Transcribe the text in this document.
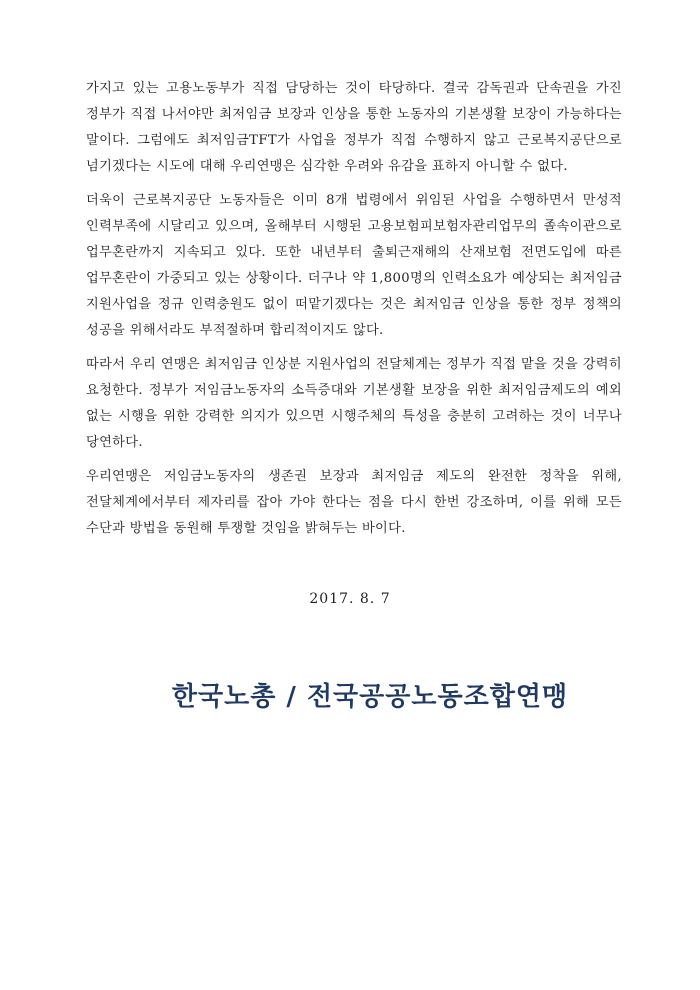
가지고 있는 고용노동부가 직접 담당하는 것이 타당하다. 결국 감독권과 단속권을 가진 정부가 직접 나서야만 최저임금 보장과 인상을 통한 노동자의 기본생활 보장이 가능하다는 말이다. 그럼에도 최저임금TFT가 사업을 정부가 직접 수행하지 않고 근로복지공단으로 넘기겠다는 시도에 대해 우리연맹은 심각한 우려와 유감을 표하지 아니할 수 없다.

더욱이 근로복지공단 노동자들은 이미 8개 법령에서 위임된 사업을 수행하면서 만성적 인력부족에 시달리고 있으며, 올해부터 시행된 고용보험피보험자관리업무의 졸속이관으로 업무혼란까지 지속되고 있다. 또한 내년부터 출퇴근재해의 산재보험 전면도입에 따른 업무혼란이 가중되고 있는 상황이다. 더구나 약 1,800명의 인력소요가 예상되는 최저임금 지원사업을 정규 인력충원도 없이 떠맡기겠다는 것은 최저임금 인상을 통한 정부 정책의 성공을 위해서라도 부적절하며 합리적이지도 않다.

따라서 우리 연맹은 최저임금 인상분 지원사업의 전달체계는 정부가 직접 맡을 것을 강력히 요청한다. 정부가 저임금노동자의 소득증대와 기본생활 보장을 위한 최저임금제도의 예외 없는 시행을 위한 강력한 의지가 있으면 시행주체의 특성을 충분히 고려하는 것이 너무나 당연하다.

우리연맹은 저임금노동자의 생존권 보장과 최저임금 제도의 완전한 정착을 위해, 전달체계에서부터 제자리를 잡아 가야 한다는 점을 다시 한번 강조하며, 이를 위해 모든 수단과 방법을 동원해 투쟁할 것임을 밝혀두는 바이다.

2017. 8. 7
한국노총 / 전국공공노동조합연맹
